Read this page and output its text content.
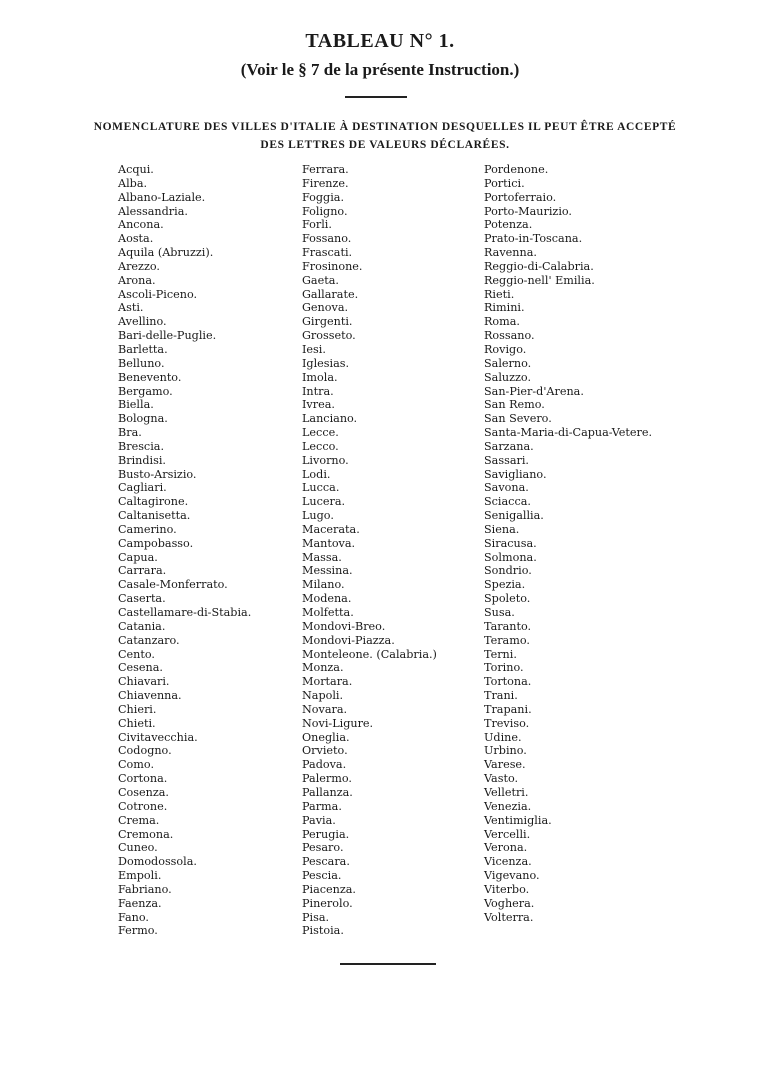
TABLEAU N° 1.
(Voir le § 7 de la présente Instruction.)
NOMENCLATURE DES VILLES D'ITALIE À DESTINATION DESQUELLES IL PEUT ÊTRE ACCEPTÉ
DES LETTRES DE VALEURS DÉCLARÉES.
Acqui.
Alba.
Albano-Laziale.
Alessandria.
Ancona.
Aosta.
Aquila (Abruzzi).
Arezzo.
Arona.
Ascoli-Piceno.
Asti.
Avellino.
Bari-delle-Puglie.
Barletta.
Belluno.
Benevento.
Bergamo.
Biella.
Bologna.
Bra.
Brescia.
Brindisi.
Busto-Arsizio.
Cagliari.
Caltagirone.
Caltanisetta.
Camerino.
Campobasso.
Capua.
Carrara.
Casale-Monferrato.
Caserta.
Castellamare-di-Stabia.
Catania.
Catanzaro.
Cento.
Cesena.
Chiavari.
Chiavenna.
Chieri.
Chieti.
Civitavecchia.
Codogno.
Como.
Cortona.
Cosenza.
Cotrone.
Crema.
Cremona.
Cuneo.
Domodossola.
Empoli.
Fabriano.
Faenza.
Fano.
Fermo.
Ferrara.
Firenze.
Foggia.
Foligno.
Forli.
Fossano.
Frascati.
Frosinone.
Gaeta.
Gallarate.
Genova.
Girgenti.
Grosseto.
Iesi.
Iglesias.
Imola.
Intra.
Ivrea.
Lanciano.
Lecce.
Lecco.
Livorno.
Lodi.
Lucca.
Lucera.
Lugo.
Macerata.
Mantova.
Massa.
Messina.
Milano.
Modena.
Molfetta.
Mondovi-Breo.
Mondovi-Piazza.
Monteleone. (Calabria.)
Monza.
Mortara.
Napoli.
Novara.
Novi-Ligure.
Oneglia.
Orvieto.
Padova.
Palermo.
Pallanza.
Parma.
Pavia.
Perugia.
Pesaro.
Pescara.
Pescia.
Piacenza.
Pinerolo.
Pisa.
Pistoia.
Pordenone.
Portici.
Portoferraio.
Porto-Maurizio.
Potenza.
Prato-in-Toscana.
Ravenna.
Reggio-di-Calabria.
Reggio-nell' Emilia.
Rieti.
Rimini.
Roma.
Rossano.
Rovigo.
Salerno.
Saluzzo.
San-Pier-d'Arena.
San Remo.
San Severo.
Santa-Maria-di-Capua-Vetere.
Sarzana.
Sassari.
Savigliano.
Savona.
Sciacca.
Senigallia.
Siena.
Siracusa.
Solmona.
Sondrio.
Spezia.
Spoleto.
Susa.
Taranto.
Teramo.
Terni.
Torino.
Tortona.
Trani.
Trapani.
Treviso.
Udine.
Urbino.
Varese.
Vasto.
Velletri.
Venezia.
Ventimiglia.
Vercelli.
Verona.
Vicenza.
Vigevano.
Viterbo.
Voghera.
Volterra.
